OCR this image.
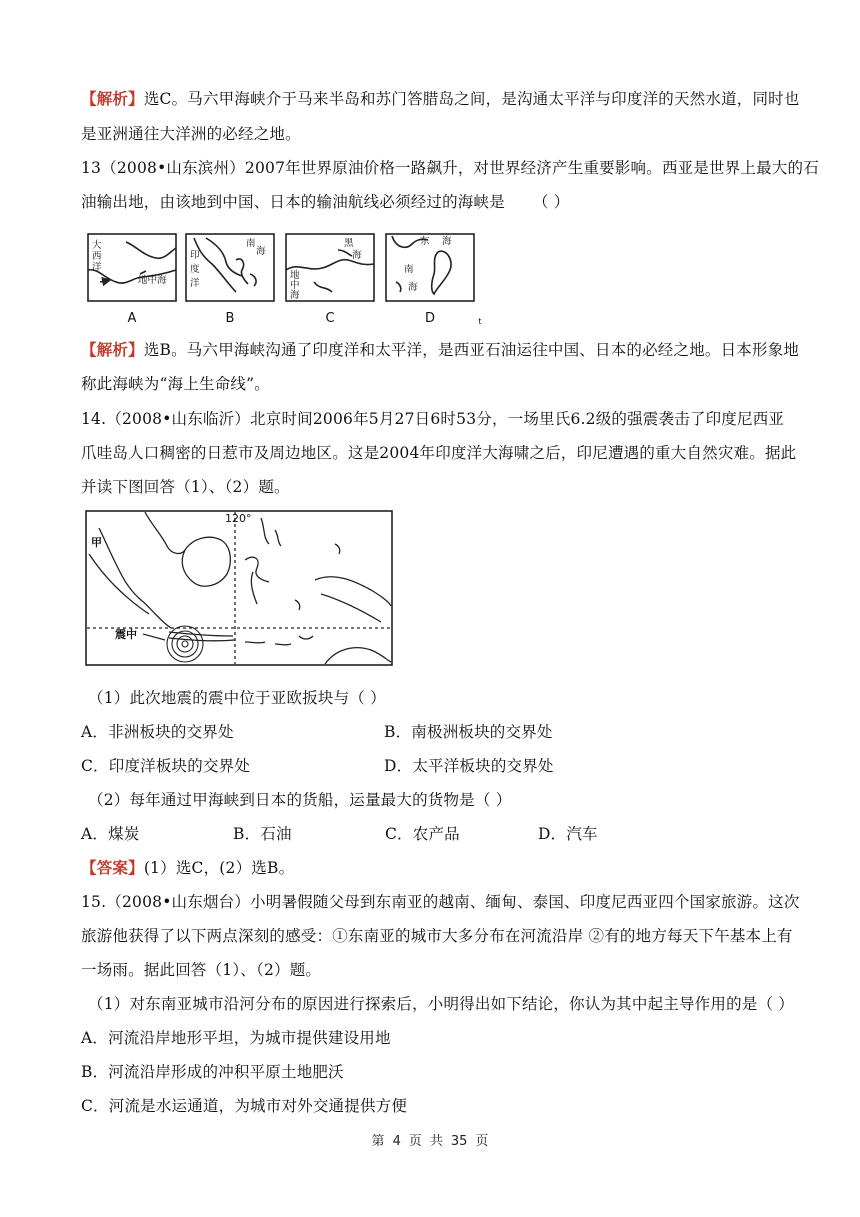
【解析】选C。马六甲海峡介于马来半岛和苏门答腊岛之间，是沟通太平洋与印度洋的天然水道，同时也
是亚洲通往大洋洲的必经之地。
13（2008•山东滨州）2007年世界原油价格一路飙升，对世界经济产生重要影响。西亚是世界上最大的石
油输出地，由该地到中国、日本的输油航线必须经过的海峡是 （ ）
大
西
洋
地中海
南
海
印
度
洋
黑
海
地
中
海
东 海
南
海
A	B	C	D	t
【解析】选B。马六甲海峡沟通了印度洋和太平洋，是西亚石油运往中国、日本的必经之地。日本形象地
称此海峡为“海上生命线”。
14.（2008•山东临沂）北京时间2006年5月27日6时53分，一场里氏6.2级的强震袭击了印度尼西亚
爪哇岛人口稠密的日惹市及周边地区。这是2004年印度洋大海啸之后，印尼遭遇的重大自然灾难。据此
并读下图回答（1）、（2）题。
120°
甲
震中
（1）此次地震的震中位于亚欧扳块与（ ）
A．非洲板块的交界处	B．南极洲板块的交界处
C．印度洋板块的交界处	D．太平洋板块的交界处
（2）每年通过甲海峡到日本的货船，运量最大的货物是（ ）
A．煤炭	B．石油	C．农产品	D．汽车
【答案】(1）选C，(2）选B。
15.（2008•山东烟台）小明暑假随父母到东南亚的越南、缅甸、泰国、印度尼西亚四个国家旅游。这次
旅游他获得了以下两点深刻的感受：①东南亚的城市大多分布在河流沿岸 ②有的地方每天下午基本上有
一场雨。据此回答（1）、（2）题。
（1）对东南亚城市沿河分布的原因进行探索后，小明得出如下结论，你认为其中起主导作用的是（ ）
A．河流沿岸地形平坦，为城市提供建设用地
B．河流沿岸形成的冲积平原土地肥沃
C．河流是水运通道，为城市对外交通提供方便
第 4 页 共 35 页
